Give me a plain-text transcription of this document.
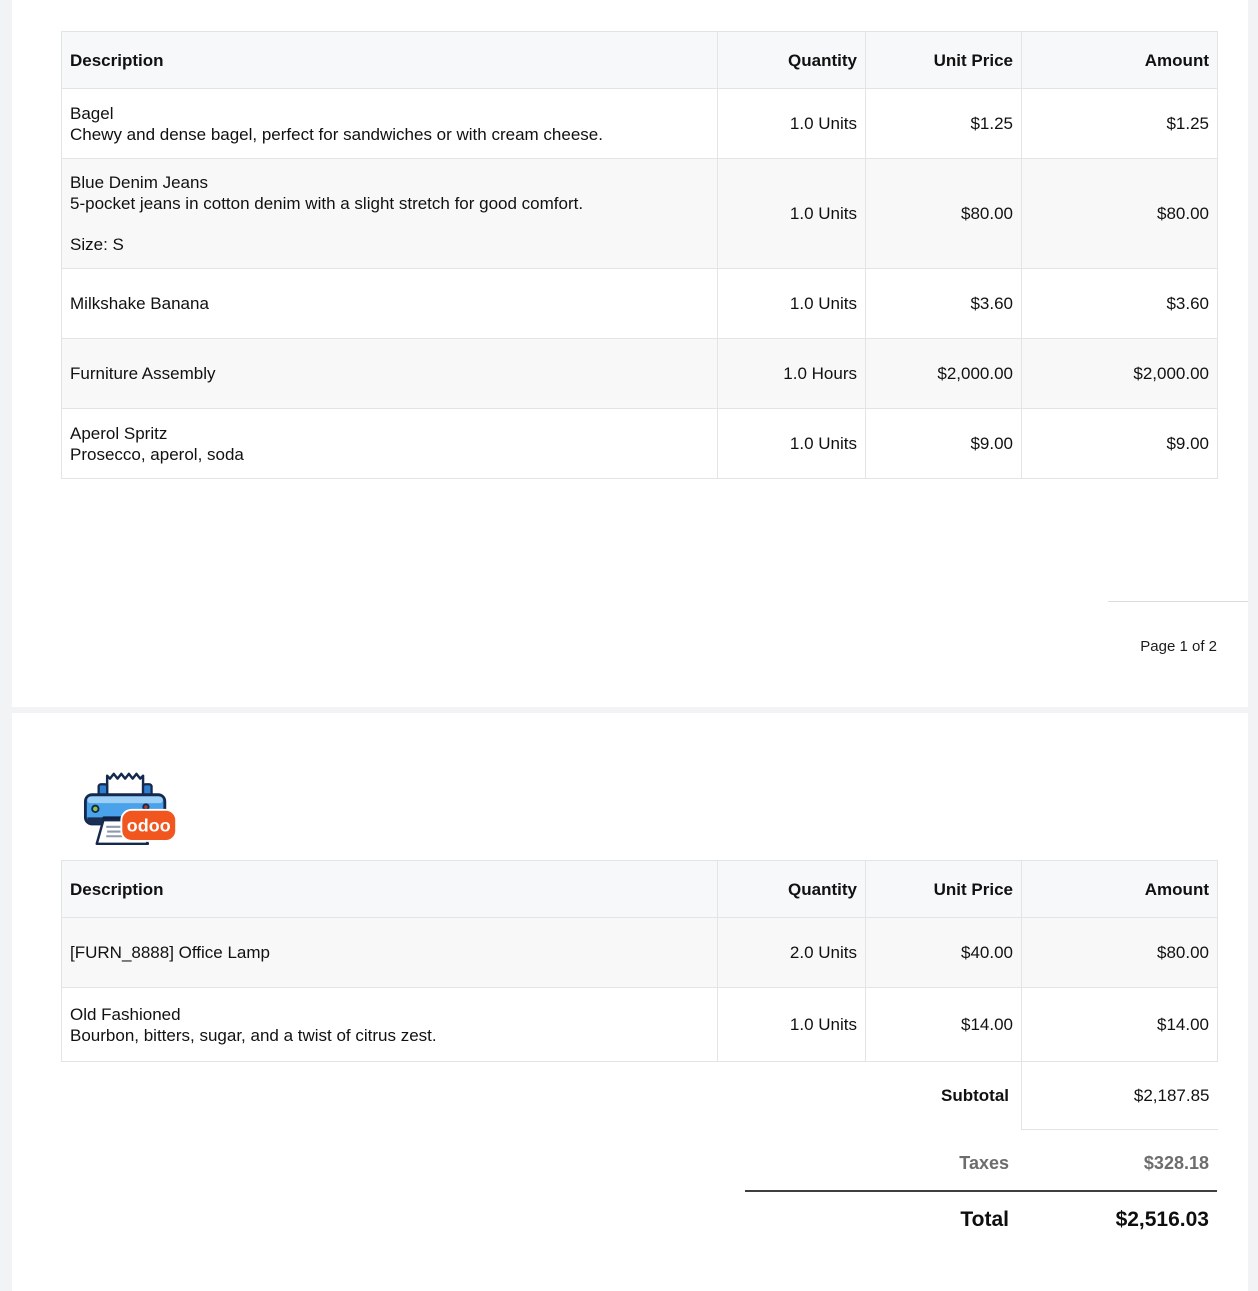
Description	Quantity	Unit Price	Amount

Bagel
Chewy and dense bagel, perfect for sandwiches or with cream cheese.	1.0 Units	$1.25	$1.25

Blue Denim Jeans
5-pocket jeans in cotton denim with a slight stretch for good comfort.
Size: S	1.0 Units	$80.00	$80.00

Milkshake Banana	1.0 Units	$3.60	$3.60

Furniture Assembly	1.0 Hours	$2,000.00	$2,000.00

Aperol Spritz
Prosecco, aperol, soda	1.0 Units	$9.00	$9.00
Page 1 of 2
odoo
Description	Quantity	Unit Price	Amount

[FURN_8888] Office Lamp	2.0 Units	$40.00	$80.00

Old Fashioned
Bourbon, bitters, sugar, and a twist of citrus zest.	1.0 Units	$14.00	$14.00
Subtotal			$2,187.85
Taxes	$328.18
Total	$2,516.03
